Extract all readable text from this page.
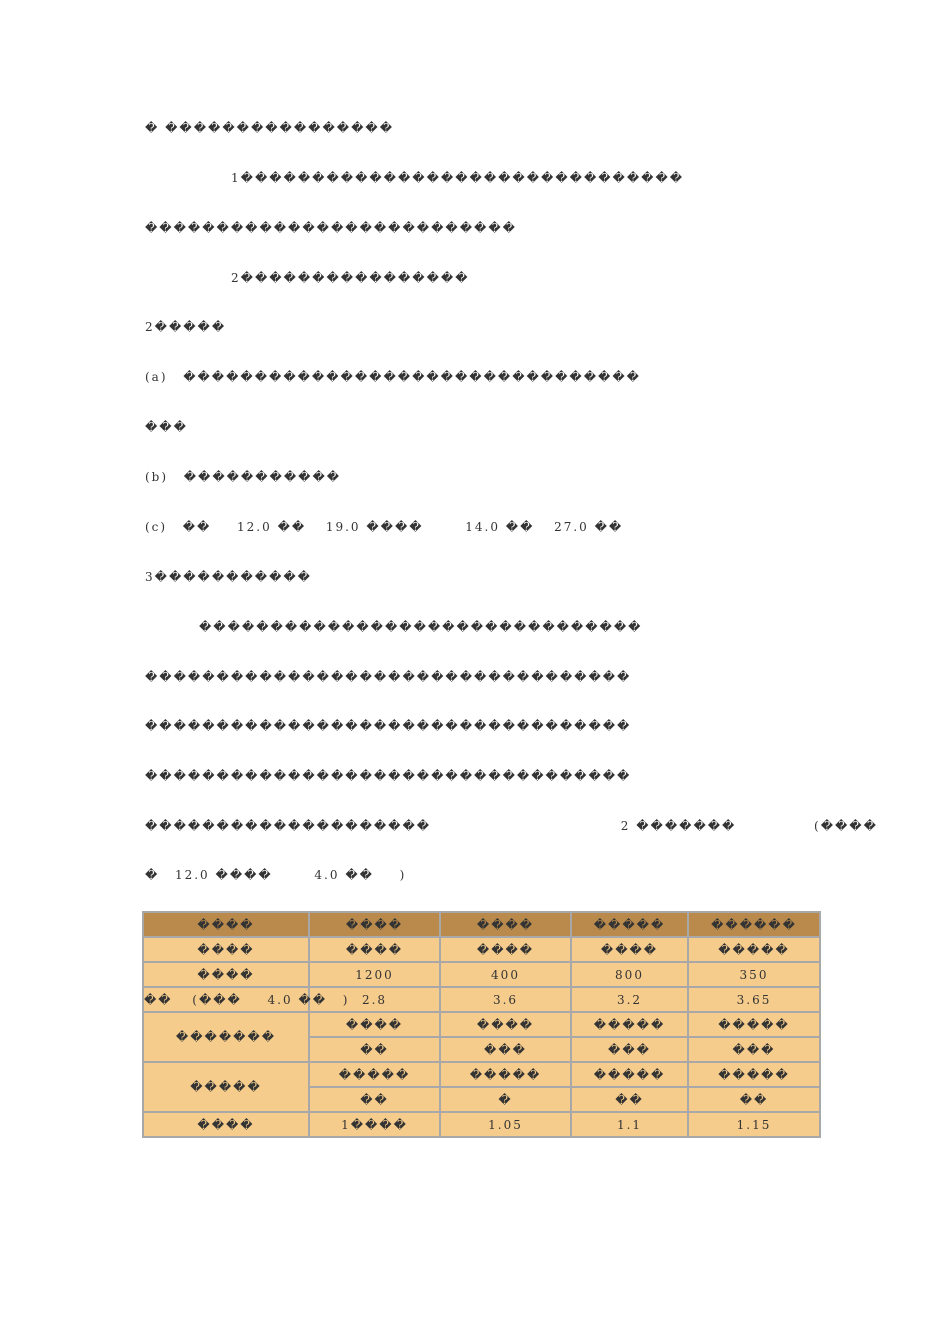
� ����������������
1�������������������������������
��������������������������
2����������������
2�����
(a) ��������������������������������
���
(b) �����������
(c) �� 12.0 �� 19.0 ����	14.0 �� 27.0 ��
3�����������
�������������������������������
����������������������������������
����������������������������������
����������������������������������
��������������������	2 �������	(����
� 12.0 ����	4.0 �� )
����	����	����	�����	������
����	����	����	����	�����
����	1200	400	800	350
�� (��� 4.0 �� )	2.8	3.6	3.2	3.65
�������	����	����	�����	�����
	��	���	���	���
�����	�����	�����	�����	�����
	��	�	��	��
����	1����	1.05	1.1	1.15
